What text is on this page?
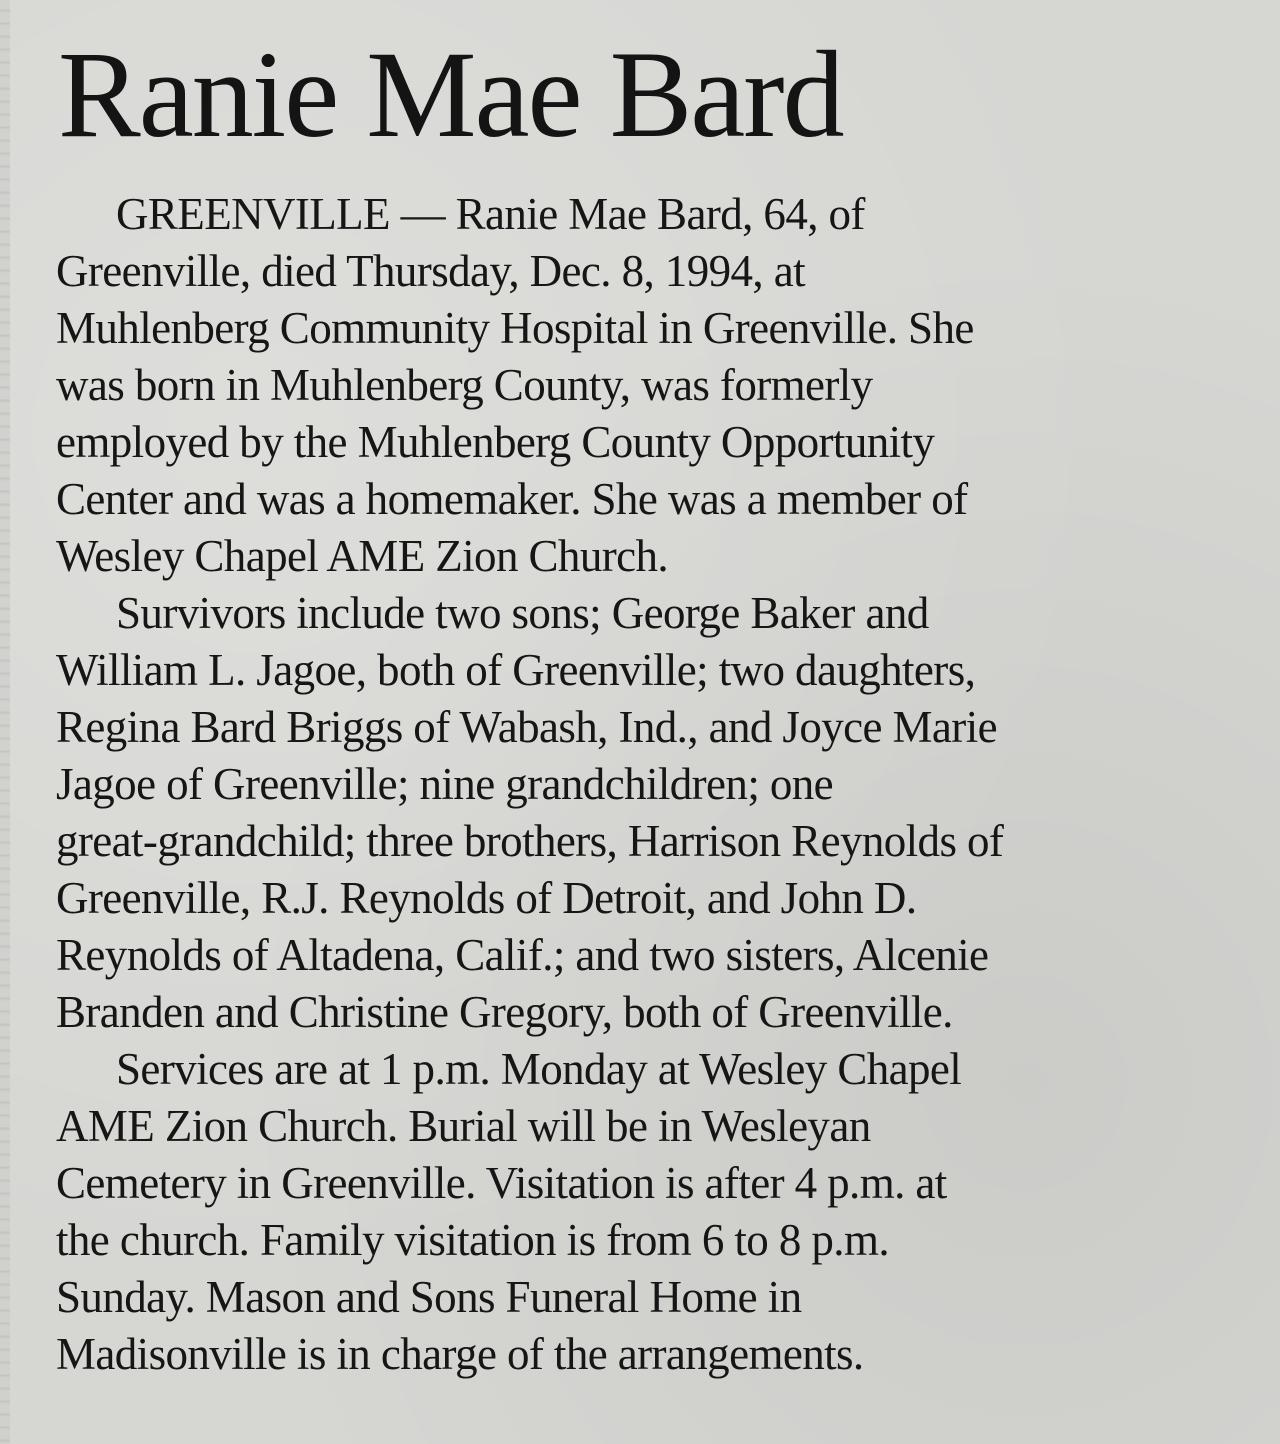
Ranie Mae Bard
GREENVILLE — Ranie Mae Bard, 64, of
Greenville, died Thursday, Dec. 8, 1994, at
Muhlenberg Community Hospital in Greenville. She
was born in Muhlenberg County, was formerly
employed by the Muhlenberg County Opportunity
Center and was a homemaker. She was a member of
Wesley Chapel AME Zion Church.
Survivors include two sons; George Baker and
William L. Jagoe, both of Greenville; two daughters,
Regina Bard Briggs of Wabash, Ind., and Joyce Marie
Jagoe of Greenville; nine grandchildren; one
great-grandchild; three brothers, Harrison Reynolds of
Greenville, R.J. Reynolds of Detroit, and John D.
Reynolds of Altadena, Calif.; and two sisters, Alcenie
Branden and Christine Gregory, both of Greenville.
Services are at 1 p.m. Monday at Wesley Chapel
AME Zion Church. Burial will be in Wesleyan
Cemetery in Greenville. Visitation is after 4 p.m. at
the church. Family visitation is from 6 to 8 p.m.
Sunday. Mason and Sons Funeral Home in
Madisonville is in charge of the arrangements.
